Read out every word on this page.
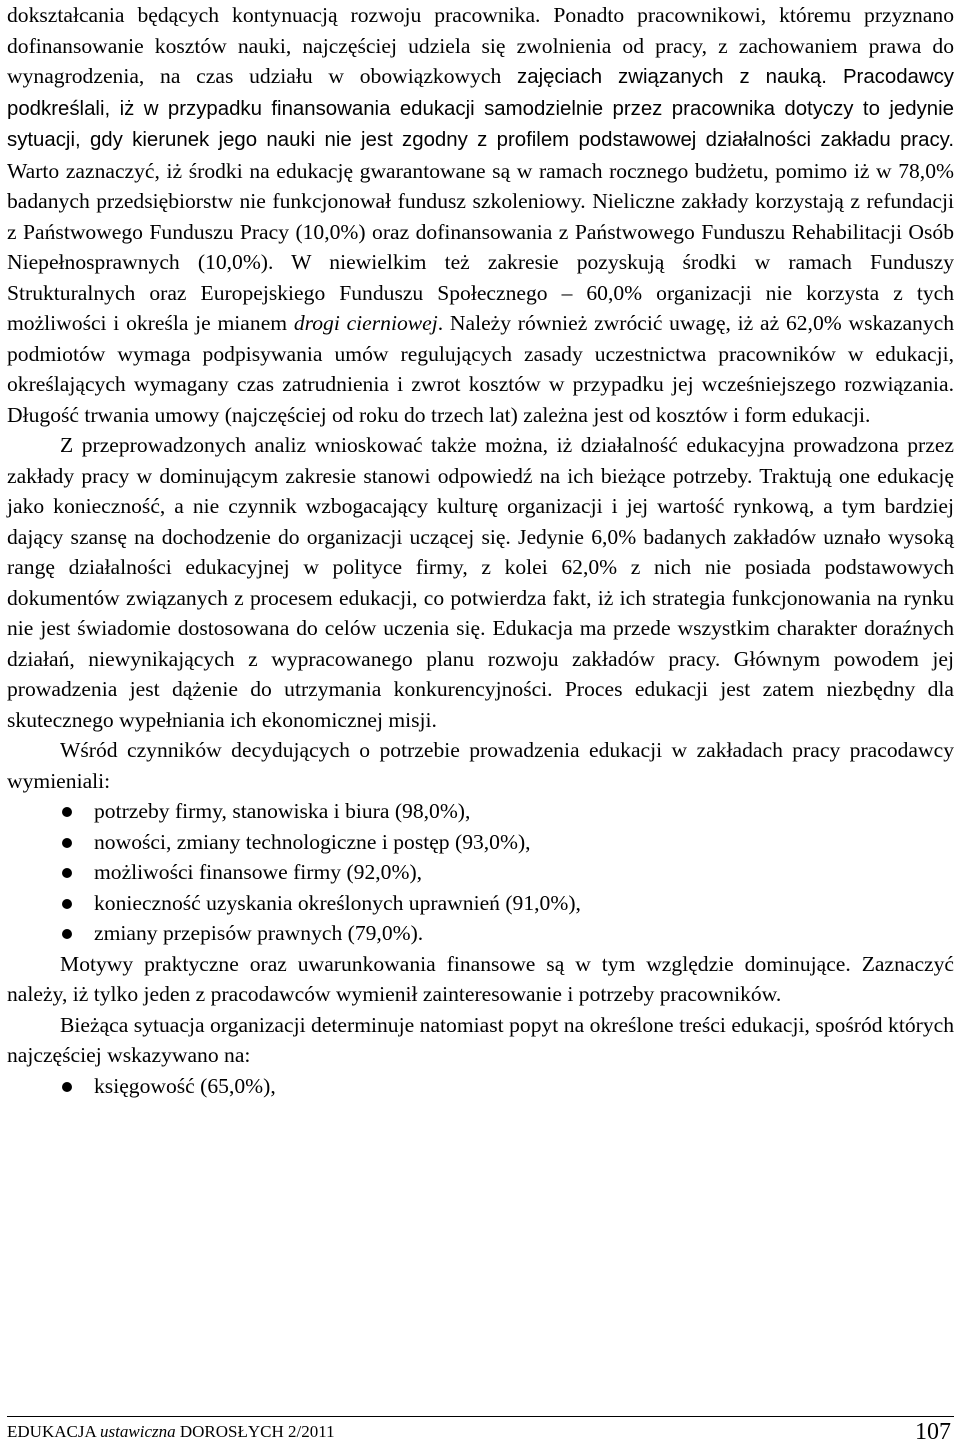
dokształcania będących kontynuacją rozwoju pracownika. Ponadto pracownikowi, któremu przyznano dofinansowanie kosztów nauki, najczęściej udziela się zwolnienia od pracy, z zachowaniem prawa do wynagrodzenia, na czas udziału w obowiązkowych zajęciach związanych z nauką. Pracodawcy podkreślali, iż w przypadku finansowania edukacji samodzielnie przez pracownika dotyczy to jedynie sytuacji, gdy kierunek jego nauki nie jest zgodny z profilem podstawowej działalności zakładu pracy. Warto zaznaczyć, iż środki na edukację gwarantowane są w ramach rocznego budżetu, pomimo iż w 78,0% badanych przedsiębiorstw nie funkcjonował fundusz szkoleniowy. Nieliczne zakłady korzystają z refundacji z Państwowego Funduszu Pracy (10,0%) oraz dofinansowania z Państwowego Funduszu Rehabilitacji Osób Niepełnosprawnych (10,0%). W niewielkim też zakresie pozyskują środki w ramach Funduszy Strukturalnych oraz Europejskiego Funduszu Społecznego – 60,0% organizacji nie korzysta z tych możliwości i określa je mianem drogi cierniowej. Należy również zwrócić uwagę, iż aż 62,0% wskazanych podmiotów wymaga podpisywania umów regulujących zasady uczestnictwa pracowników w edukacji, określających wymagany czas zatrudnienia i zwrot kosztów w przypadku jej wcześniejszego rozwiązania. Długość trwania umowy (najczęściej od roku do trzech lat) zależna jest od kosztów i form edukacji.

Z przeprowadzonych analiz wnioskować także można, iż działalność edukacyjna prowadzona przez zakłady pracy w dominującym zakresie stanowi odpowiedź na ich bieżące potrzeby. Traktują one edukację jako konieczność, a nie czynnik wzbogacający kulturę organizacji i jej wartość rynkową, a tym bardziej dający szansę na dochodzenie do organizacji uczącej się. Jedynie 6,0% badanych zakładów uznało wysoką rangę działalności edukacyjnej w polityce firmy, z kolei 62,0% z nich nie posiada podstawowych dokumentów związanych z procesem edukacji, co potwierdza fakt, iż ich strategia funkcjonowania na rynku nie jest świadomie dostosowana do celów uczenia się. Edukacja ma przede wszystkim charakter doraźnych działań, niewynikających z wypracowanego planu rozwoju zakładów pracy. Głównym powodem jej prowadzenia jest dążenie do utrzymania konkurencyjności. Proces edukacji jest zatem niezbędny dla skutecznego wypełniania ich ekonomicznej misji.

Wśród czynników decydujących o potrzebie prowadzenia edukacji w zakładach pracy pracodawcy wymieniali:

potrzeby firmy, stanowiska i biura (98,0%),
nowości, zmiany technologiczne i postęp (93,0%),
możliwości finansowe firmy (92,0%),
konieczność uzyskania określonych uprawnień (91,0%),
zmiany przepisów prawnych (79,0%).

Motywy praktyczne oraz uwarunkowania finansowe są w tym względzie dominujące. Zaznaczyć należy, iż tylko jeden z pracodawców wymienił zainteresowanie i potrzeby pracowników.

Bieżąca sytuacja organizacji determinuje natomiast popyt na określone treści edukacji, spośród których najczęściej wskazywano na:

księgowość (65,0%),
EDUKACJA ustawiczna DOROSŁYCH 2/2011	107
